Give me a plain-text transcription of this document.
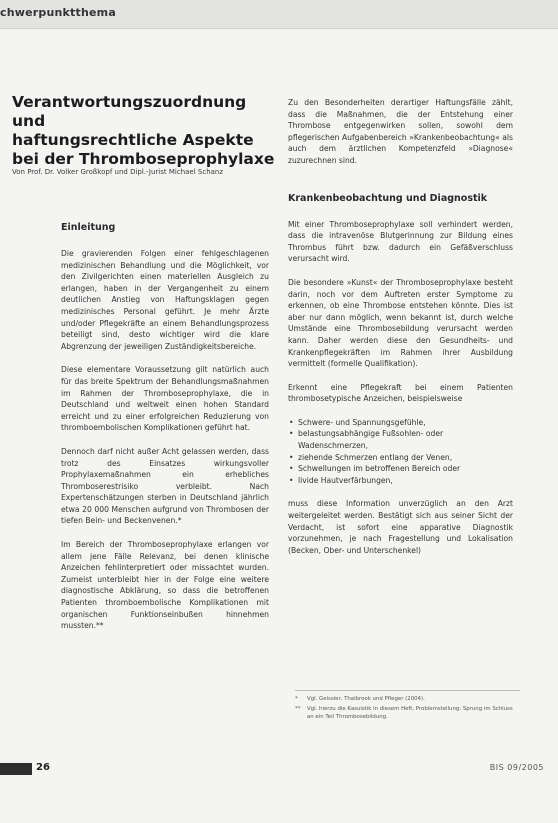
chwerpunktthema
Verantwortungszuordnung und
haftungsrechtliche Aspekte
bei der Thromboseprophylaxe
Von Prof. Dr. Volker Großkopf und Dipl.-Jurist Michael Schanz
Einleitung

Die gravierenden Folgen einer fehlgeschlagenen medizinischen Behandlung und die Möglichkeit, vor den Zivilgerichten einen materiellen Ausgleich zu erlangen, haben in der Vergangenheit zu einem deutlichen Anstieg von Haftungsklagen gegen medizinisches Personal geführt. Je mehr Ärzte und/oder Pflegekräfte an einem Behandlungsprozess beteiligt sind, desto wichtiger wird die klare Abgrenzung der jeweiligen Zuständigkeitsbereiche.

Diese elementare Voraussetzung gilt natürlich auch für das breite Spektrum der Behandlungsmaßnahmen im Rahmen der Thromboseprophylaxe, die in Deutschland und weltweit einen hohen Standard erreicht und zu einer erfolgreichen Reduzierung von thromboembolischen Komplikationen geführt hat.

Dennoch darf nicht außer Acht gelassen werden, dass trotz des Einsatzes wirkungsvoller Prophylaxemaßnahmen ein erhebliches Thromboserestrisiko verbleibt. Nach Expertenschätzungen sterben in Deutschland jährlich etwa 20 000 Menschen aufgrund von Thrombosen der tiefen Bein- und Beckenvenen.*

Im Bereich der Thromboseprophylaxe erlangen vor allem jene Fälle Relevanz, bei denen klinische Anzeichen fehlinterpretiert oder missachtet wurden. Zumeist unterbleibt hier in der Folge eine weitere diagnostische Abklärung, so dass die betroffenen Patienten thromboembolische Komplikationen mit organischen Funktionseinbußen hinnehmen mussten.**

Zu den Besonderheiten derartiger Haftungsfälle zählt, dass die Maßnahmen, die der Entstehung einer Thrombose entgegenwirken sollen, sowohl dem pflegerischen Aufgabenbereich »Krankenbeobachtung« als auch dem ärztlichen Kompetenzfeld »Diagnose« zuzurechnen sind.

Krankenbeobachtung und Diagnostik

Mit einer Thromboseprophylaxe soll verhindert werden, dass die intravenöse Blutgerinnung zur Bildung eines Thrombus führt bzw. dadurch ein Gefäßverschluss verursacht wird.

Die besondere »Kunst« der Thromboseprophylaxe besteht darin, noch vor dem Auftreten erster Symptome zu erkennen, ob eine Thrombose entstehen könnte. Dies ist aber nur dann möglich, wenn bekannt ist, durch welche Umstände eine Thrombosebildung verursacht werden kann. Daher werden diese den Gesundheits- und Krankenpflegekräften im Rahmen ihrer Ausbildung vermittelt (formelle Qualifikation).

Erkennt eine Pflegekraft bei einem Patienten thrombosetypische Anzeichen, beispielsweise

• Schwere- und Spannungsgefühle,
• belastungsabhängige Fußsohlen- oder Wadenschmerzen,
• ziehende Schmerzen entlang der Venen,
• Schwellungen im betroffenen Bereich oder
• livide Hautverfärbungen,

muss diese Information unverzüglich an den Arzt weitergeleitet werden. Bestätigt sich aus seiner Sicht der Verdacht, ist sofort eine apparative Diagnostik vorzunehmen, je nach Fragestellung und Lokalisation (Becken, Ober- und Unterschenkel)

* Vgl. Geissler, Thalbrook und Pfleger (2004).
** Vgl. hierzu die Kasuistik in diesem Heft, Problemstellung: Sprung im Schluss an ein Teil Thrombosebildung.
26	BIS 09/2005
